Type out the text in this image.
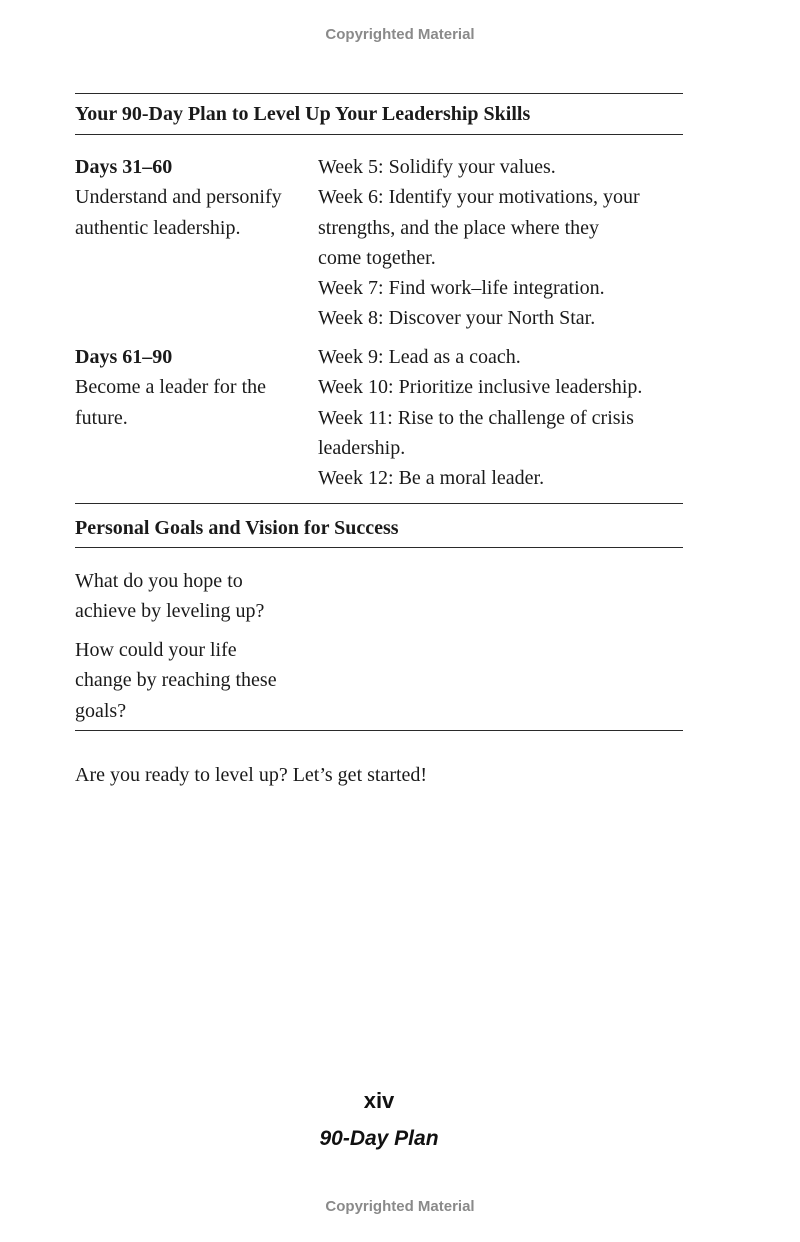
Copyrighted Material
Your 90-Day Plan to Level Up Your Leadership Skills
Days 31–60
Understand and personify
authentic leadership.
Week 5: Solidify your values.
Week 6: Identify your motivations, your
strengths, and the place where they
come together.
Week 7: Find work–life integration.
Week 8: Discover your North Star.
Days 61–90
Become a leader for the
future.
Week 9: Lead as a coach.
Week 10: Prioritize inclusive leadership.
Week 11: Rise to the challenge of crisis
leadership.
Week 12: Be a moral leader.
Personal Goals and Vision for Success
What do you hope to
achieve by leveling up?
How could your life
change by reaching these
goals?
Are you ready to level up? Let’s get started!
xiv
90-Day Plan
Copyrighted Material
